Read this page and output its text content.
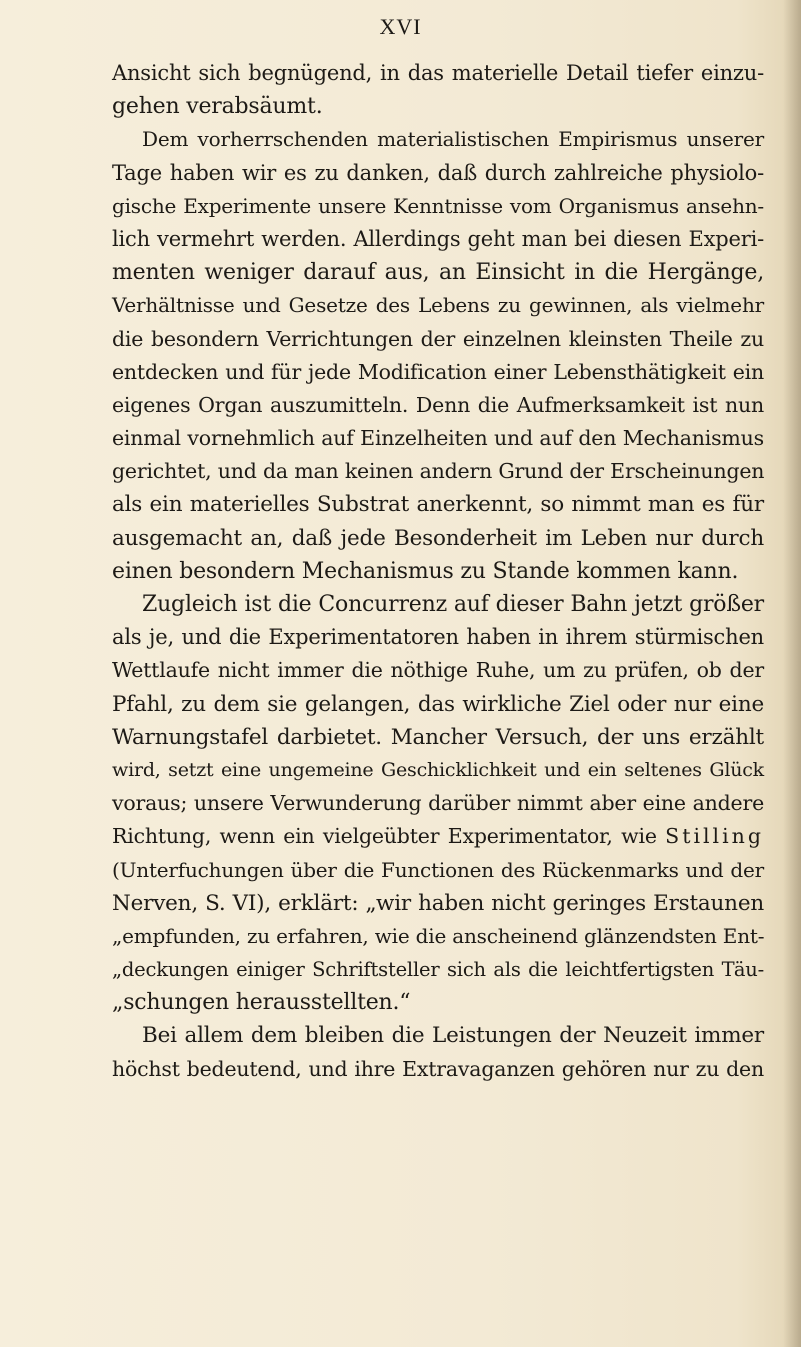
XVI
Ansicht sich begnügend, in das materielle Detail tiefer einzu-
gehen verabsäumt.
Dem vorherrschenden materialistischen Empirismus unserer
Tage haben wir es zu danken, daß durch zahlreiche physiolo-
gische Experimente unsere Kenntnisse vom Organismus ansehn-
lich vermehrt werden. Allerdings geht man bei diesen Experi-
menten weniger darauf aus, an Einsicht in die Hergänge,
Verhältnisse und Gesetze des Lebens zu gewinnen, als vielmehr
die besondern Verrichtungen der einzelnen kleinsten Theile zu
entdecken und für jede Modification einer Lebensthätigkeit ein
eigenes Organ auszumitteln. Denn die Aufmerksamkeit ist nun
einmal vornehmlich auf Einzelheiten und auf den Mechanismus
gerichtet, und da man keinen andern Grund der Erscheinungen
als ein materielles Substrat anerkennt, so nimmt man es für
ausgemacht an, daß jede Besonderheit im Leben nur durch
einen besondern Mechanismus zu Stande kommen kann.
Zugleich ist die Concurrenz auf dieser Bahn jetzt größer
als je, und die Experimentatoren haben in ihrem stürmischen
Wettlaufe nicht immer die nöthige Ruhe, um zu prüfen, ob der
Pfahl, zu dem sie gelangen, das wirkliche Ziel oder nur eine
Warnungstafel darbietet. Mancher Versuch, der uns erzählt
wird, setzt eine ungemeine Geschicklichkeit und ein seltenes Glück
voraus; unsere Verwunderung darüber nimmt aber eine andere
Richtung, wenn ein vielgeübter Experimentator, wie Stilling
(Unterfuchungen über die Functionen des Rückenmarks und der
Nerven, S. VI), erklärt: „wir haben nicht geringes Erstaunen
„empfunden, zu erfahren, wie die anscheinend glänzendsten Ent-
„deckungen einiger Schriftsteller sich als die leichtfertigsten Täu-
„schungen herausstellten.“
Bei allem dem bleiben die Leistungen der Neuzeit immer
höchst bedeutend, und ihre Extravaganzen gehören nur zu den
